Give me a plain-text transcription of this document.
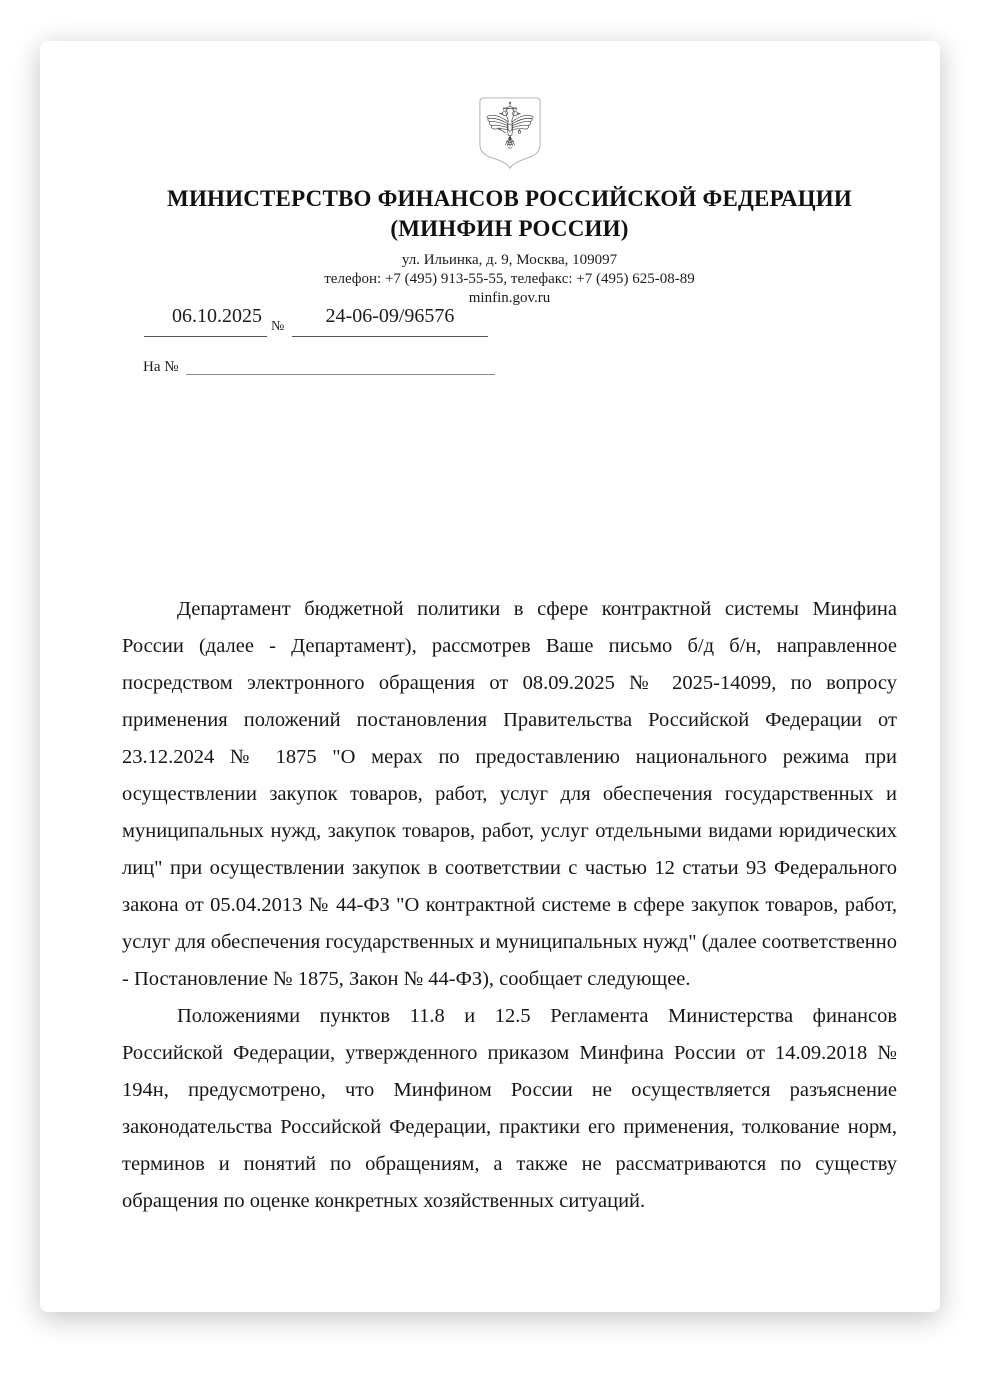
МИНИСТЕРСТВО ФИНАНСОВ РОССИЙСКОЙ ФЕДЕРАЦИИ
(МИНФИН РОССИИ)
ул. Ильинка, д. 9, Москва, 109097
телефон: +7 (495) 913-55-55, телефакс: +7 (495) 625-08-89
minfin.gov.ru
06.10.2025 №	24-06-09/96576
На №

Департамент бюджетной политики в сфере контрактной системы Минфина России (далее - Департамент), рассмотрев Ваше письмо б/д б/н, направленное посредством электронного обращения от 08.09.2025 № 2025-14099, по вопросу применения положений постановления Правительства Российской Федерации от 23.12.2024 № 1875 "О мерах по предоставлению национального режима при осуществлении закупок товаров, работ, услуг для обеспечения государственных и муниципальных нужд, закупок товаров, работ, услуг отдельными видами юридических лиц" при осуществлении закупок в соответствии с частью 12 статьи 93 Федерального закона от 05.04.2013 № 44-ФЗ "О контрактной системе в сфере закупок товаров, работ, услуг для обеспечения государственных и муниципальных нужд" (далее соответственно - Постановление № 1875, Закон № 44-ФЗ), сообщает следующее.

Положениями пунктов 11.8 и 12.5 Регламента Министерства финансов Российской Федерации, утвержденного приказом Минфина России от 14.09.2018 № 194н, предусмотрено, что Минфином России не осуществляется разъяснение законодательства Российской Федерации, практики его применения, толкование норм, терминов и понятий по обращениям, а также не рассматриваются по существу обращения по оценке конкретных хозяйственных ситуаций.
